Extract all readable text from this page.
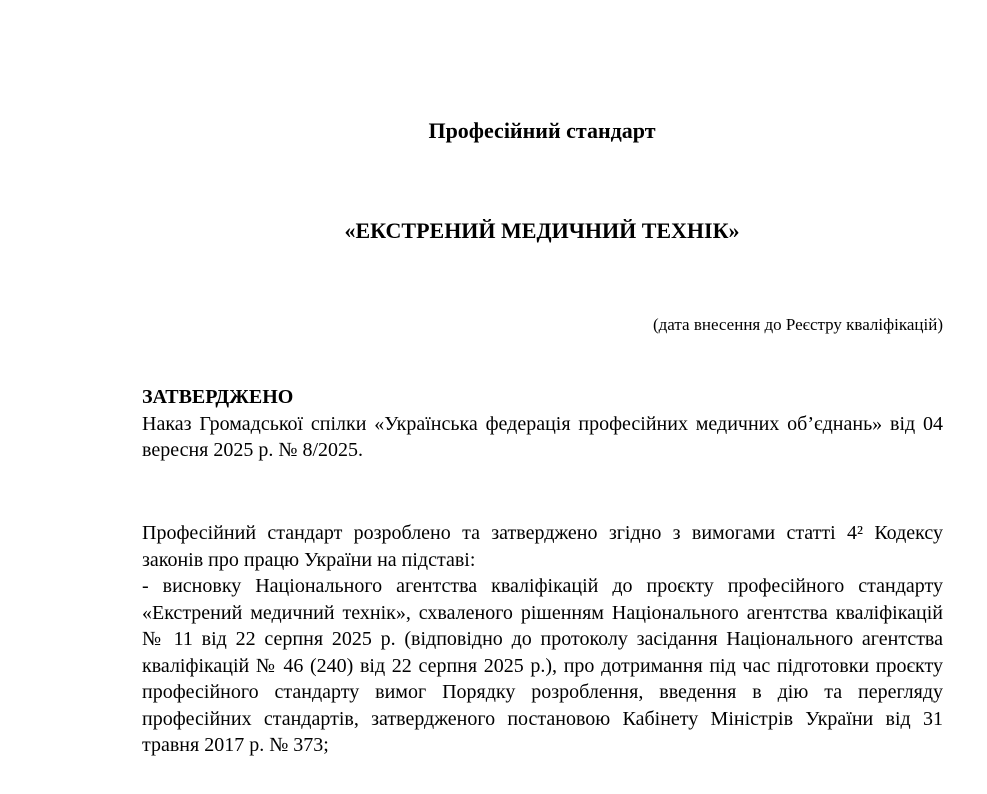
Професійний стандарт
«ЕКСТРЕНИЙ МЕДИЧНИЙ ТЕХНІК»

(дата внесення до Реєстру кваліфікацій)

ЗАТВЕРДЖЕНО
Наказ Громадської спілки «Українська федерація професійних медичних об’єднань» від 04 вересня 2025 р. № 8/2025.

Професійний стандарт розроблено та затверджено згідно з вимогами статті 4² Кодексу законів про працю України на підставі:

- висновку Національного агентства кваліфікацій до проєкту професійного стандарту «Екстрений медичний технік», схваленого рішенням Національного агентства кваліфікацій № 11 від 22 серпня 2025 р. (відповідно до протоколу засідання Національного агентства кваліфікацій № 46 (240) від 22 серпня 2025 р.), про дотримання під час підготовки проєкту професійного стандарту вимог Порядку розроблення, введення в дію та перегляду професійних стандартів, затвердженого постановою Кабінету Міністрів України від 31 травня 2017 р. № 373;
